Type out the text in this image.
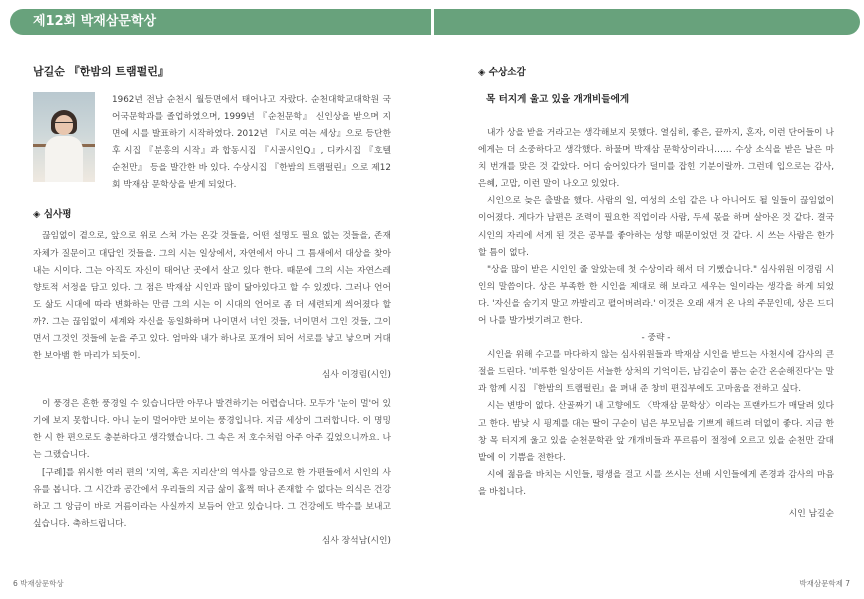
제12회 박재삼문학상

남길순 『한밤의 트램펄린』

1962년 전남 순천시 월등면에서 태어나고 자랐다. 순천대학교대학원 국어국문학과를 졸업하였으며, 1999년 『순천문학』 신인상을 받으며 지면에 시를 발표하기 시작하였다. 2012년 『시로 여는 세상』으로 등단한 후 시집 『분홍의 시작』과 합동시집 『시골시인Q』, 디카시집 『호텔 순천만』 등을 발간한 바 있다. 수상시집 『한밤의 트램펄린』으로 제12회 박재삼 문학상을 받게 되었다.

◈ 심사평

끊임없이 곁으로, 앞으로 위로 스쳐 가는 온갖 것들을, 어떤 설명도 필요 없는 것들을, 존재 자체가 질문이고 대답인 것들을. 그의 시는 일상에서, 자연에서 아니 그 틈새에서 대상을 찾아내는 시이다. 그는 아직도 자신이 태어난 곳에서 살고 있다 한다. 때문에 그의 시는 자연스레 향토적 서정을 담고 있다. 그 점은 박재삼 시인과 많이 닮아있다고 할 수 있겠다. 그러나 언어도 삶도 시대에 따라 변화하는 만큼 그의 시는 이 시대의 언어로 좀 더 세련되게 씌어졌다 할까?. 그는 끊임없이 세계와 자신을 동일화하며 나이면서 너인 것들, 너이면서 그인 것들, 그이면서 그것인 것들에 눈을 주고 있다. 엄마와 내가 하나로 포개어 되어 서로를 낳고 낳으며 거대한 보아뱀 한 마리가 되듯이.

심사 이경림(시인)

이 풍경은 흔한 풍경일 수 있습니다만 아무나 발견하기는 어렵습니다. 모두가 '눈이 멀'어 있기에 보지 못합니다. 아니 눈이 멀어야만 보이는 풍경입니다. 지금 세상이 그러합니다. 이 명밍한 시 한 편으로도 충분하다고 생각했습니다. 그 속은 저 호수처럼 아주 아주 깊었으니까요. 나는 그랬습니다.

[구례]를 위시한 여러 편의 '지역, 혹은 지리산'의 역사를 앙금으로 한 가편들에서 시인의 사유를 봅니다. 그 시간과 공간에서 우리들의 지금 삶이 홀쩍 떠나 존재할 수 없다는 의식은 건강하고 그 앙금이 바로 거름이라는 사실까지 보듬어 안고 있습니다. 그 건강에도 박수를 보내고 싶습니다. 축하드립니다.

심사 장석남(시인)

◈ 수상소감

목 터지게 울고 있을 개개비들에게

내가 상을 받을 거라고는 생각해보지 못했다. 열심히, 좋은, 끝까지, 혼자, 이런 단어들이 나에게는 더 소중하다고 생각했다. 하물며 박재삼 문학상이라니…… 수상 소식을 받은 날은 마치 번개를 맞은 것 같았다. 어디 숨어있다가 덜미를 잡힌 기분이랄까. 그런데 입으로는 감사, 은혜, 고맙, 이런 말이 나오고 있었다.

시인으로 늦은 출발을 했다. 사람의 일, 여성의 소임 같은 나 아니어도 될 일들이 끊임없이 이어졌다. 게다가 남편은 조력이 필요한 직업이라 사람, 두세 몫을 하며 살아온 것 같다. 결국 시인의 자리에 서게 된 것은 공부를 좋아하는 성향 때문이었던 것 같다. 시 쓰는 사람은 한가할 틈이 없다.

"상을 많이 받은 시인인 줄 알았는데 첫 수상이라 해서 더 기뻤습니다." 심사위원 이경림 시인의 말씀이다. 상은 부족한 한 시인을 제대로 해 보라고 세우는 일이라는 생각을 하게 되었다. '자신을 숨기지 말고 까발리고 펼어버려라.' 이것은 오래 새겨 온 나의 주문인데, 상은 드디어 나를 발가벗기려고 한다.

- 중략 -

시인을 위해 수고를 마다하지 않는 심사위원들과 박재삼 시인을 받드는 사천시에 감사의 큰절을 드린다. '비루한 일상이든 서늘한 상처의 기억이든, 남김순이 품는 순간 온순해진다'는 말과 함께 시집 『한밤의 트램펄린』을 펴내 준 창비 편집부에도 고마움을 전하고 싶다.

시는 변방이 없다. 산골짜기 내 고향에도 〈박재삼 문학상〉이라는 프랜카드가 매달려 있다고 한다. 밤낮 시 핑계를 대는 딸이 구순이 넘은 부모님을 기쁘게 해드려 더없이 좋다. 지금 한창 목 터지게 울고 있을 순천문학관 앞 개개비들과 푸르름이 절정에 오르고 있을 순천만 갈대밭에 이 기쁨을 전한다.

시에 젊음을 바치는 시인들, 평생을 걸고 시를 쓰시는 선배 시인들에게 존경과 감사의 마음을 바칩니다.

시인 남길순

6 박재삼문학상	박재삼문학제 7
